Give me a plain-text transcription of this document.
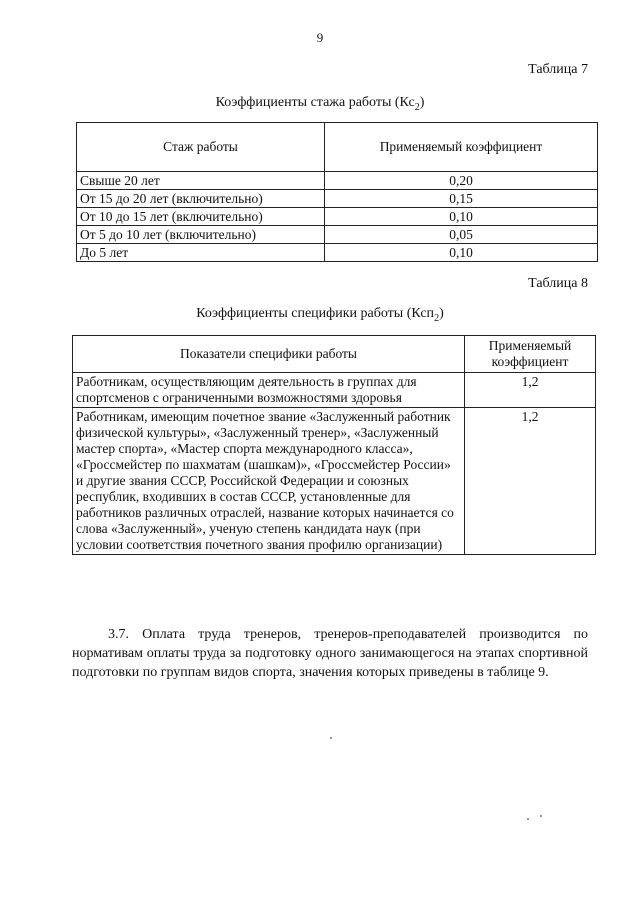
9
Таблица 7
Коэффициенты стажа работы $(Кс_2)$
Стаж работы	Применяемый коэффициент
Свыше 20 лет	0,20
От 15 до 20 лет (включительно)	0,15
От 10 до 15 лет (включительно)	0,10
От 5 до 10 лет (включительно)	0,05
До 5 лет	0,10
Таблица 8
Коэффициенты специфики работы (Ксп$_2$)
Показатели специфики работы	Применяемый коэффициент
Работникам, осуществляющим деятельность в группах для спортсменов с ограниченными возможностями здоровья	1,2
Работникам, имеющим почетное звание «Заслуженный работник физической культуры», «Заслуженный тренер», «Заслуженный мастер спорта», «Мастер спорта международного класса», «Гроссмейстер по шахматам (шашкам)», «Гроссмейстер России» и другие звания СССР, Российской Федерации и союзных республик, входивших в состав СССР, установленные для работников различных отраслей, название которых начинается со слова «Заслуженный», ученую степень кандидата наук (при условии соответствия почетного звания профилю организации)	1,2
3.7. Оплата труда тренеров, тренеров-преподавателей производится по нормативам оплаты труда за подготовку одного занимающегося на этапах спортивной подготовки по группам видов спорта, значения которых приведены в таблице 9.
